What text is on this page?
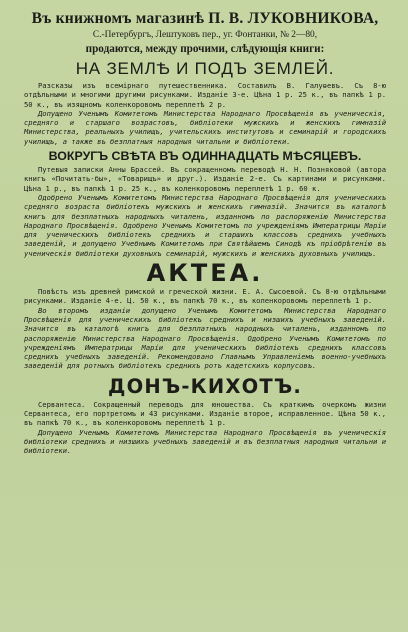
Въ книжномъ магазинѣ П. В. ЛУКОВНИКОВА,

С.-Петербургъ, Лештуковъ пер., уг. Фонтанки, № 2—80,

продаются, между прочими, слѣдующія книги:

НА ЗЕМЛѢ И ПОДЪ ЗЕМЛЕЙ.

Разсказы изъ всемірнаго путешественника. Составилъ В. Галуѳевъ. Съ 8-ю отдѣльными и многими другими рисунками. Изданіе 3-е. Цѣна 1 р. 25 к., въ папкѣ 1 р. 50 к., въ изящномъ коленкоровомъ переплетѣ 2 р.

Допущено Ученымъ Комитетомъ Министерства Народнаго Просвѣщенія въ ученическія, средняго и старшаго возрастовъ, библіотеки мужскихъ и женскихъ гимназій Министерства, реальныхъ училищъ, учительскихъ институтовъ и семинарій и городскихъ училищъ, а также въ безплатныя народныя читальни и библіотеки.

ВОКРУГЪ СВѢТА ВЪ ОДИННАДЦАТЬ МѢСЯЦЕВЪ.

Путевыя записки Анны Брассей. Въ сокращенномъ переводѣ Н. Н. Позняковой (автора книгъ «Почитать-бы», «Товарищъ» и друг.). Изданіе 2-е. Съ картинами и рисунками. Цѣна 1 р., въ папкѣ 1 р. 25 к., въ коленкоровомъ переплетѣ 1 р. 60 к.

Одобрено Ученымъ Комитетомъ Министерства Народнаго Просвѣщенія для ученическихъ средняго возраста библіотекъ мужскихъ и женскихъ гимназій. Значится въ каталогѣ книгъ для безплатныхъ народныхъ читалень, изданномъ по распоряженію Министерства Народнаго Просвѣщенія. Одобрено Ученымъ Комитетомъ по учрежденіямъ Императрицы Маріи для ученическихъ библіотекъ среднихъ и старшихъ классовъ среднихъ учебныхъ заведеній, и допущено Учебнымъ Комитетомъ при Святѣйшемъ Синодѣ къ пріобрѣтенію въ ученическія библіотеки духовныхъ семинарій, мужскихъ и женскихъ духовныхъ училищъ.

АКТЕА.

Повѣсть изъ древней римской и греческой жизни. Е. А. Сысоевой. Съ 8-ю отдѣльными рисунками. Изданіе 4-е. Ц. 50 к., въ папкѣ 70 к., въ коленкоровомъ переплетѣ 1 р.

Во второмъ изданіи допущено Ученымъ Комитетомъ Министерства Народнаго Просвѣщенія для ученическихъ библіотекъ среднихъ и низшихъ учебныхъ заведеній. Значится въ каталогѣ книгъ для безплатныхъ народныхъ читалень, изданномъ по распоряженію Министерства Народнаго Просвѣщенія. Одобрено Ученымъ Комитетомъ по учрежденіямъ Императрицы Маріи для ученическихъ библіотекъ среднихъ классовъ среднихъ учебныхъ заведеній. Рекомендовано Главнымъ Управленіемъ военно-учебныхъ заведеній для ротныхъ библіотекъ среднихъ ротъ кадетскихъ корпусовъ.

ДОНЪ-КИХОТЪ.

Сервантеса. Сокращенный переводъ для юношества. Съ краткимъ очеркомъ жизни Сервантеса, его портретомъ и 43 рисунками. Изданіе второе, исправленное. Цѣна 50 к., въ папкѣ 70 к., въ коленкоровомъ переплетѣ 1 р.

Допущено Ученымъ Комитетомъ Министерства Народнаго Просвѣщенія въ ученическія библіотеки среднихъ и низшихъ учебныхъ заведеній и въ безплатныя народныя читальни и библіотеки.
